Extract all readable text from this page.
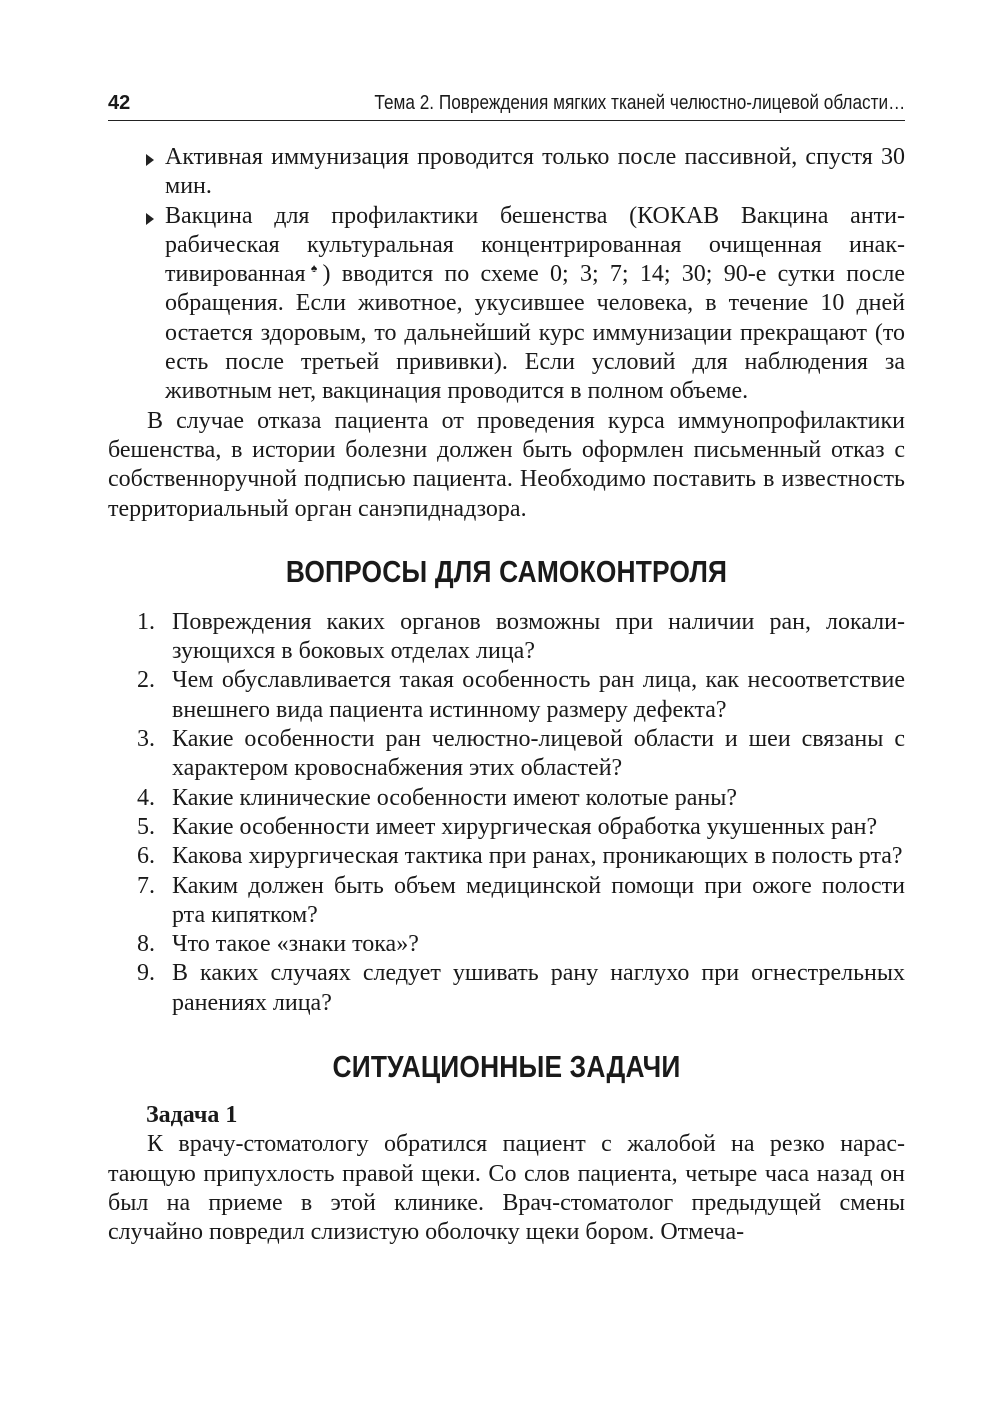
42	Тема 2. Повреждения мягких тканей челюстно-лицевой области…
Активная иммунизация проводится только после пассивной, спустя 30 мин.
Вакцина для профилактики бешенства (КОКАВ Вакцина антирабическая культуральная концентрированная очищенная инактивированная♠) вводится по схеме 0; 3; 7; 14; 30; 90-е сутки после обращения. Если животное, укусившее человека, в течение 10 дней остается здоровым, то дальнейший курс иммунизации прекращают (то есть после третьей прививки). Если условий для наблюдения за животным нет, вакцинация проводится в полном объеме.

В случае отказа пациента от проведения курса иммунопрофилактики бешенства, в истории болезни должен быть оформлен письменный отказ с собственноручной подписью пациента. Необходимо поставить в известность территориальный орган санэпиднадзора.

ВОПРОСЫ ДЛЯ САМОКОНТРОЛЯ
1. Повреждения каких органов возможны при наличии ран, локализующихся в боковых отделах лица?
2. Чем обуславливается такая особенность ран лица, как несоответствие внешнего вида пациента истинному размеру дефекта?
3. Какие особенности ран челюстно-лицевой области и шеи связаны с характером кровоснабжения этих областей?
4. Какие клинические особенности имеют колотые раны?
5. Какие особенности имеет хирургическая обработка укушенных ран?
6. Какова хирургическая тактика при ранах, проникающих в полость рта?
7. Каким должен быть объем медицинской помощи при ожоге полости рта кипятком?
8. Что такое «знаки тока»?
9. В каких случаях следует ушивать рану наглухо при огнестрельных ранениях лица?
СИТУАЦИОННЫЕ ЗАДАЧИ

Задача 1

К врачу-стоматологу обратился пациент с жалобой на резко нарастающую припухлость правой щеки. Со слов пациента, четыре часа назад он был на приеме в этой клинике. Врач-стоматолог предыдущей смены случайно повредил слизистую оболочку щеки бором. Отмеча-
